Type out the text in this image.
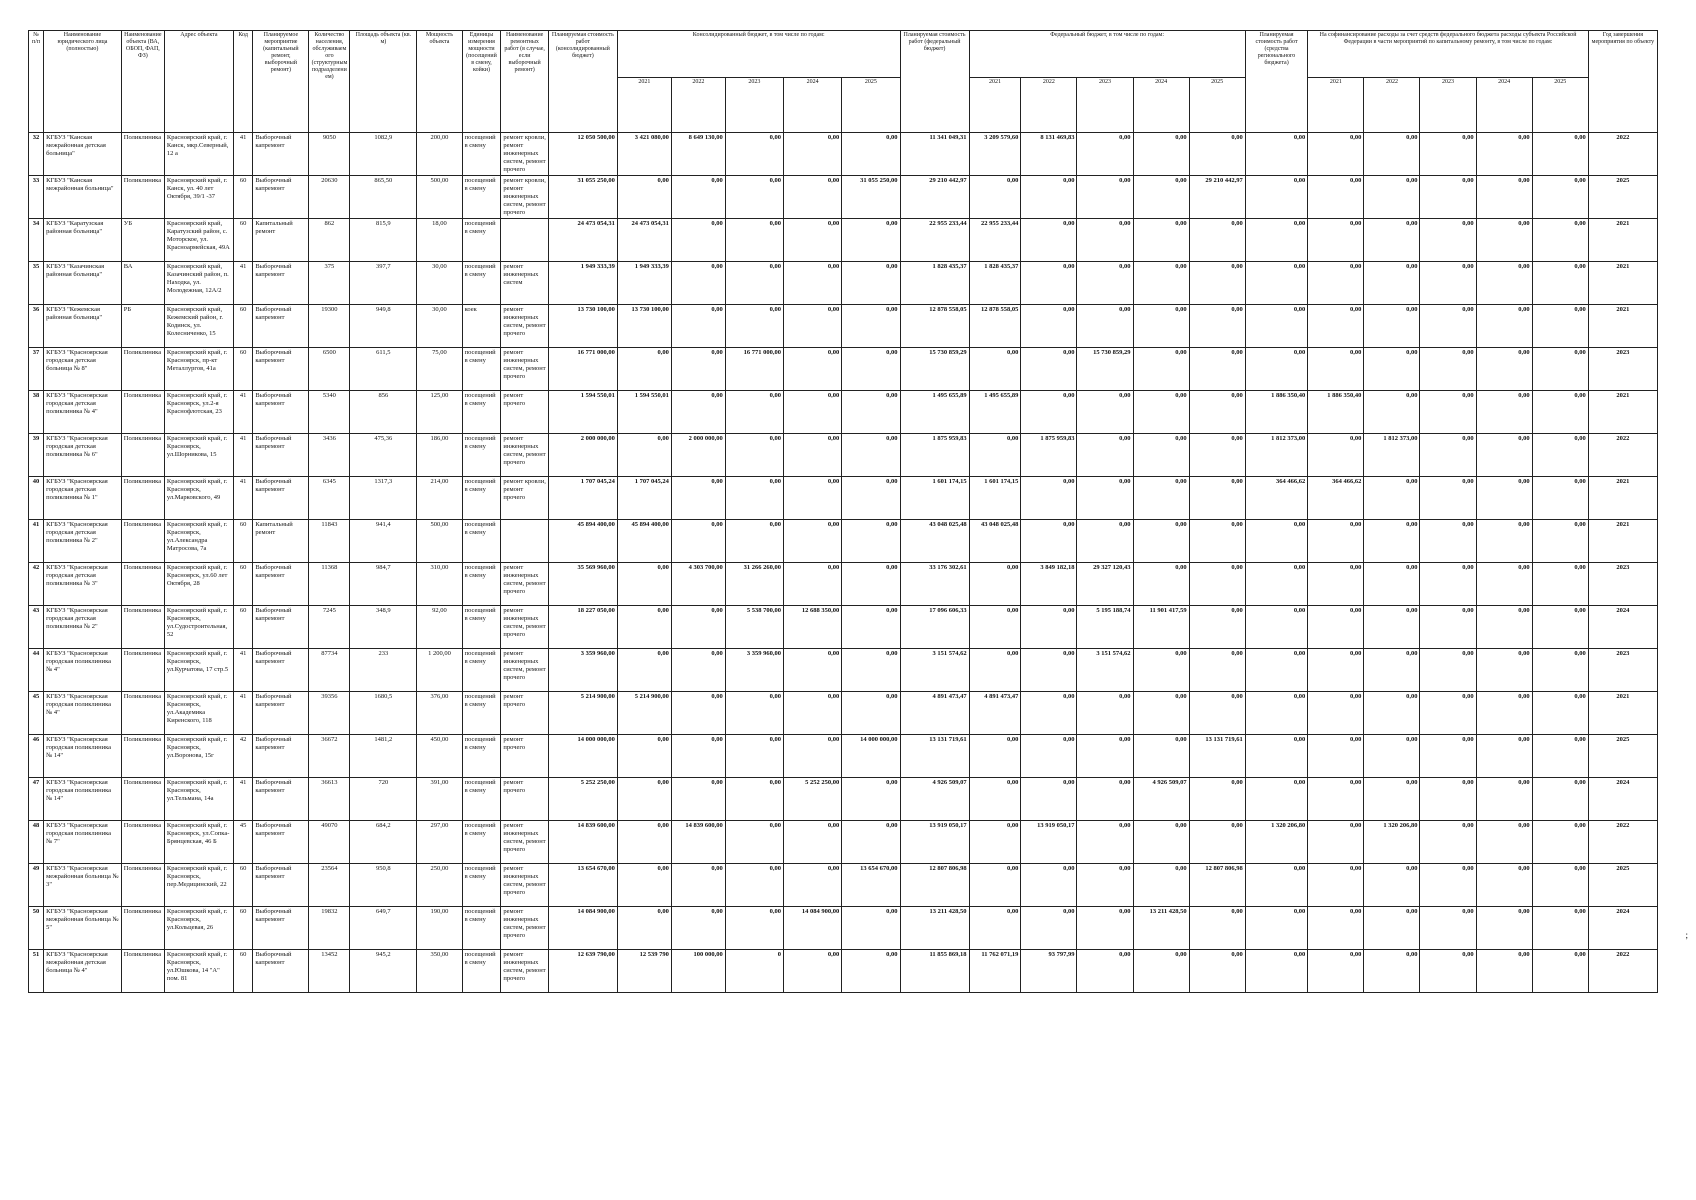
№ п/п	Наименование юридического лица (полностью)	Наименование объекта (ВА, ОБОП, ФАП, ФЗ)	Адрес объекта	Код	Планируемое мероприятие (капитальный ремонт, выборочный ремонт)	Количество населения, обслуживаемого (структурным подразделением)	Площадь объекта (кв. м)	Мощность объекта	Единицы измерения мощности (посещений в смену, койки)	Наименование ремонтных работ (в случае, если выборочный ремонт)	Планируемая стоимость работ (консолидированный бюджет)	Консолидированный бюджет, в том числе по годам:					Планируемая стоимость работ (федеральный бюджет)	Федеральный бюджет, в том числе по годам:					Планируемая стоимость работ (средства регионального бюджета)	На софинансирование расходы за счет средств федерального бюджета расходы субъекта Российской Федерации в части мероприятий по капитальному ремонту, в том числе по годам:					Год завершения мероприятия по объекту

												2021	2022	2023	2024	2025		2021	2022	2023	2024	2025		2021	2022	2023	2024	2025	
32	КГБУЗ "Канская межрайонная детская больница"	Поликлиника	Красноярский край, г. Канск, мкр.Северный, 12 а	41	Выборочный капремонт	9050	1082,9	200,00	посещений в смену	ремонт кровли, ремонт инженерных систем, ремонт прочего	12 050 500,00	3 421 080,00	8 649 130,00	0,00	0,00	0,00	11 341 049,31	3 209 579,60	8 131 469,83	0,00	0,00	0,00	0,00	0,00	0,00	0,00	0,00	0,00	2022
33	КГБУЗ "Канская межрайонная больница"	Поликлиника	Красноярский край, г. Канск, ул. 40 лет Октября, 39/1 -37	60	Выборочный капремонт	20630	865,50	500,00	посещений в смену	ремонт кровли, ремонт инженерных систем, ремонт прочего	31 055 250,00	0,00	0,00	0,00	0,00	31 055 250,00	29 210 442,97	0,00	0,00	0,00	0,00	29 210 442,97	0,00	0,00	0,00	0,00	0,00	0,00	2025
34	КГБУЗ "Каратузская районная больница"	УБ	Красноярский край, Каратузский район, с. Моторское, ул. Красноармейская, 49А	60	Капитальный ремонт	862	815,9	18,00	посещений в смену		24 473 054,31	24 473 054,31	0,00	0,00	0,00	0,00	22 955 233,44	22 955 233,44	0,00	0,00	0,00	0,00	0,00	0,00	0,00	0,00	0,00	0,00	2021
35	КГБУЗ "Казачинская районная больница"	ВА	Красноярский край, Казачинский район, п. Находка, ул. Молодежная, 12А/2	41	Выборочный капремонт	375	397,7	30,00	посещений в смену	ремонт инженерных систем	1 949 333,39	1 949 333,39	0,00	0,00	0,00	0,00	1 828 435,37	1 828 435,37	0,00	0,00	0,00	0,00	0,00	0,00	0,00	0,00	0,00	0,00	2021
36	КГБУЗ "Кежемская районная больница"	РБ	Красноярский край, Кежемский район, г. Кодинск, ул. Колесниченко, 15	60	Выборочный капремонт	19300	949,8	30,00	коек	ремонт инженерных систем, ремонт прочего	13 730 100,00	13 730 100,00	0,00	0,00	0,00	0,00	12 878 558,05	12 878 558,05	0,00	0,00	0,00	0,00	0,00	0,00	0,00	0,00	0,00	0,00	2021
37	КГБУЗ "Красноярская городская детская больница № 8"	Поликлиника	Красноярский край, г. Красноярск, пр-кт Металлургов, 41а	60	Выборочный капремонт	6500	611,5	75,00	посещений в смену	ремонт инженерных систем, ремонт прочего	16 771 000,00	0,00	0,00	16 771 000,00	0,00	0,00	15 730 859,29	0,00	0,00	15 730 859,29	0,00	0,00	0,00	0,00	0,00	0,00	0,00	0,00	2023
38	КГБУЗ "Красноярская городская детская поликлиника № 4"	Поликлиника	Красноярский край, г. Красноярск, ул.2-я Краснофлотская, 23	41	Выборочный капремонт	5340	856	125,00	посещений в смену	ремонт прочего	1 594 550,01	1 594 550,01	0,00	0,00	0,00	0,00	1 495 655,89	1 495 655,89	0,00	0,00	0,00	0,00	1 886 350,40	1 886 350,40	0,00	0,00	0,00	0,00	2021
39	КГБУЗ "Красноярская городская детская поликлиника № 6"	Поликлиника	Красноярский край, г. Красноярск, ул.Шорникова, 15	41	Выборочный капремонт	3436	475,36	186,00	посещений в смену	ремонт инженерных систем, ремонт прочего	2 000 000,00	0,00	2 000 000,00	0,00	0,00	0,00	1 875 959,83	0,00	1 875 959,83	0,00	0,00	0,00	1 812 373,00	0,00	1 812 373,00	0,00	0,00	0,00	2022
40	КГБУЗ "Красноярская городская детская поликлиника № 1"	Поликлиника	Красноярский край, г. Красноярск, ул.Марковского, 49	41	Выборочный капремонт	6345	1317,3	214,00	посещений в смену	ремонт кровли, ремонт прочего	1 707 045,24	1 707 045,24	0,00	0,00	0,00	0,00	1 601 174,15	1 601 174,15	0,00	0,00	0,00	0,00	364 466,62	364 466,62	0,00	0,00	0,00	0,00	2021
41	КГБУЗ "Красноярская городская детская поликлиника № 2"	Поликлиника	Красноярский край, г. Красноярск, ул.Александра Матросова, 7а	60	Капитальный ремонт	11843	941,4	500,00	посещений в смену		45 894 400,00	45 894 400,00	0,00	0,00	0,00	0,00	43 048 025,48	43 048 025,48	0,00	0,00	0,00	0,00	0,00	0,00	0,00	0,00	0,00	0,00	2021
42	КГБУЗ "Красноярская городская детская поликлиника № 3"	Поликлиника	Красноярский край, г. Красноярск, ул.60 лет Октября, 28	60	Выборочный капремонт	11368	984,7	310,00	посещений в смену	ремонт инженерных систем, ремонт прочего	35 569 960,00	0,00	4 303 700,00	31 266 260,00	0,00	0,00	33 176 302,61	0,00	3 849 182,18	29 327 120,43	0,00	0,00	0,00	0,00	0,00	0,00	0,00	0,00	2023
43	КГБУЗ "Красноярская городская детская поликлиника № 2"	Поликлиника	Красноярский край, г. Красноярск, ул.Судостроительная, 52	60	Выборочный капремонт	7245	348,9	92,00	посещений в смену	ремонт инженерных систем, ремонт прочего	18 227 050,00	0,00	0,00	5 538 700,00	12 688 350,00	0,00	17 096 606,33	0,00	0,00	5 195 188,74	11 901 417,59	0,00	0,00	0,00	0,00	0,00	0,00	0,00	2024
44	КГБУЗ "Красноярская городская поликлиника № 4"	Поликлиника	Красноярский край, г. Красноярск, ул.Курчатова, 17 стр.5	41	Выборочный капремонт	87734	233	1 200,00	посещений в смену	ремонт инженерных систем, ремонт прочего	3 359 960,00	0,00	0,00	3 359 960,00	0,00	0,00	3 151 574,62	0,00	0,00	3 151 574,62	0,00	0,00	0,00	0,00	0,00	0,00	0,00	0,00	2023
45	КГБУЗ "Красноярская городская поликлиника № 4"	Поликлиника	Красноярский край, г. Красноярск, ул.Академика Киренского, 118	41	Выборочный капремонт	39356	1680,5	376,00	посещений в смену	ремонт прочего	5 214 900,00	5 214 900,00	0,00	0,00	0,00	0,00	4 891 473,47	4 891 473,47	0,00	0,00	0,00	0,00	0,00	0,00	0,00	0,00	0,00	0,00	2021
46	КГБУЗ "Красноярская городская поликлиника № 14"	Поликлиника	Красноярский край, г. Красноярск, ул.Воронова, 15г	42	Выборочный капремонт	36672	1481,2	450,00	посещений в смену	ремонт прочего	14 000 000,00	0,00	0,00	0,00	0,00	14 000 000,00	13 131 719,61	0,00	0,00	0,00	0,00	13 131 719,61	0,00	0,00	0,00	0,00	0,00	0,00	2025
47	КГБУЗ "Красноярская городская поликлиника № 14"	Поликлиника	Красноярский край, г. Красноярск, ул.Тельмана, 14а	41	Выборочный капремонт	36613	720	391,00	посещений в смену	ремонт прочего	5 252 250,00	0,00	0,00	0,00	5 252 250,00	0,00	4 926 509,07	0,00	0,00	0,00	4 926 509,07	0,00	0,00	0,00	0,00	0,00	0,00	0,00	2024
48	КГБУЗ "Красноярская городская поликлиника № 7"	Поликлиника	Красноярский край, г. Красноярск, ул.Сопка-Брянцевская, 46 Б	45	Выборочный капремонт	49070	684,2	297,00	посещений в смену	ремонт инженерных систем, ремонт прочего	14 839 600,00	0,00	14 839 600,00	0,00	0,00	0,00	13 919 050,17	0,00	13 919 050,17	0,00	0,00	0,00	1 320 206,80	0,00	1 320 206,80	0,00	0,00	0,00	2022
49	КГБУЗ "Красноярская межрайонная больница № 3"	Поликлиника	Красноярский край, г. Красноярск, пер.Медицинский, 22	60	Выборочный капремонт	23564	950,8	250,00	посещений в смену	ремонт инженерных систем, ремонт прочего	13 654 670,00	0,00	0,00	0,00	0,00	13 654 670,00	12 807 806,98	0,00	0,00	0,00	0,00	12 807 806,98	0,00	0,00	0,00	0,00	0,00	0,00	2025
50	КГБУЗ "Красноярская межрайонная больница № 5"	Поликлиника	Красноярский край, г. Красноярск, ул.Кольцевая, 26	60	Выборочный капремонт	19832	649,7	190,00	посещений в смену	ремонт инженерных систем, ремонт прочего	14 084 900,00	0,00	0,00	0,00	14 084 900,00	0,00	13 211 428,50	0,00	0,00	0,00	13 211 428,50	0,00	0,00	0,00	0,00	0,00	0,00	0,00	2024
51	КГБУЗ "Красноярская межрайонная детская больница № 4"	Поликлиника	Красноярский край, г. Красноярск, ул.Юшкова, 14 "А" пом. 81	60	Выборочный капремонт	13452	945,2	350,00	посещений в смену	ремонт инженерных систем, ремонт прочего	12 639 790,00	12 539 790	100 000,00	0	0,00	0,00	11 855 869,18	11 762 071,19	93 797,99	0,00	0,00	0,00	0,00	0,00	0,00	0,00	0,00	0,00	2022
;
